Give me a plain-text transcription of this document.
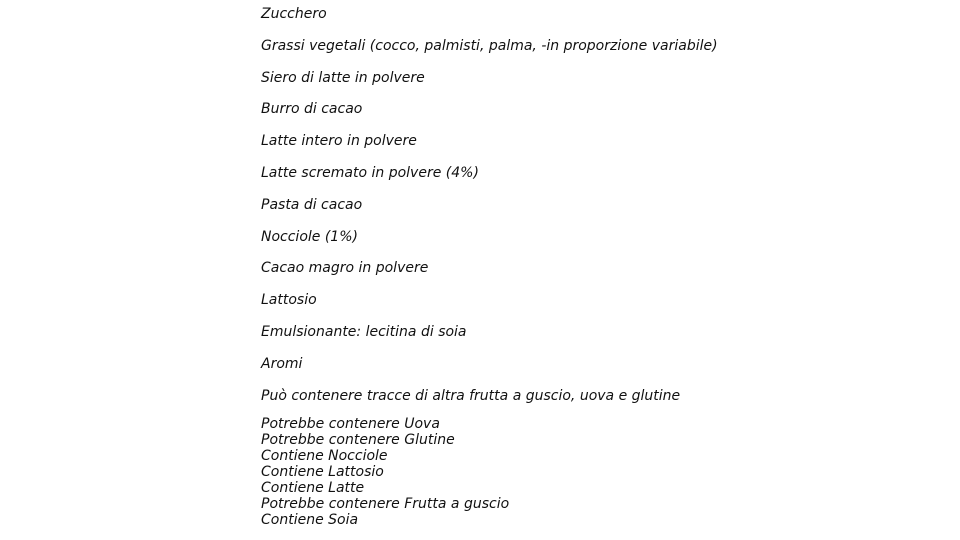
Zucchero
Grassi vegetali (cocco, palmisti, palma, -in proporzione variabile)
Siero di latte in polvere
Burro di cacao
Latte intero in polvere
Latte scremato in polvere (4%)
Pasta di cacao
Nocciole (1%)
Cacao magro in polvere
Lattosio
Emulsionante: lecitina di soia
Aromi
Può contenere tracce di altra frutta a guscio, uova e glutine
Potrebbe contenere Uova
Potrebbe contenere Glutine
Contiene Nocciole
Contiene Lattosio
Contiene Latte
Potrebbe contenere Frutta a guscio
Contiene Soia
